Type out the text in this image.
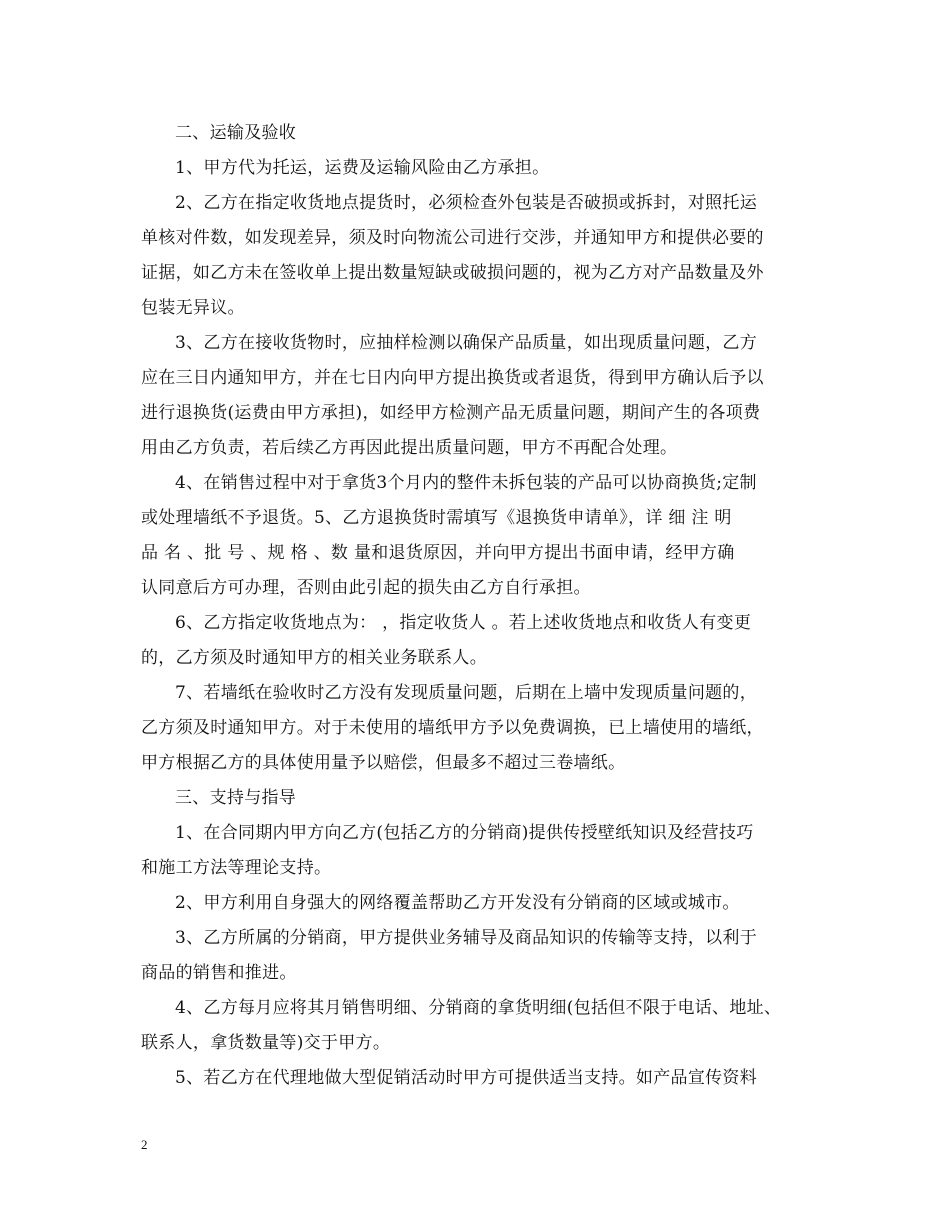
二、运输及验收
1、甲方代为托运，运费及运输风险由乙方承担。
2、乙方在指定收货地点提货时，必须检查外包装是否破损或拆封，对照托运
单核对件数，如发现差异，须及时向物流公司进行交涉，并通知甲方和提供必要的
证据，如乙方未在签收单上提出数量短缺或破损问题的，视为乙方对产品数量及外
包装无异议。
3、乙方在接收货物时，应抽样检测以确保产品质量，如出现质量问题，乙方
应在三日内通知甲方，并在七日内向甲方提出换货或者退货，得到甲方确认后予以
进行退换货(运费由甲方承担)，如经甲方检测产品无质量问题，期间产生的各项费
用由乙方负责，若后续乙方再因此提出质量问题，甲方不再配合处理。
4、在销售过程中对于拿货3个月内的整件未拆包装的产品可以协商换货;定制
或处理墙纸不予退货。5、乙方退换货时需填写《退换货申请单》，详 细 注 明
品 名 、批 号 、规 格 、数 量和退货原因，并向甲方提出书面申请，经甲方确
认同意后方可办理，否则由此引起的损失由乙方自行承担。
6、乙方指定收货地点为： ，指定收货人 。若上述收货地点和收货人有变更
的，乙方须及时通知甲方的相关业务联系人。
7、若墙纸在验收时乙方没有发现质量问题，后期在上墙中发现质量问题的，
乙方须及时通知甲方。对于未使用的墙纸甲方予以免费调换，已上墙使用的墙纸，
甲方根据乙方的具体使用量予以赔偿，但最多不超过三卷墙纸。
三、支持与指导
1、在合同期内甲方向乙方(包括乙方的分销商)提供传授壁纸知识及经营技巧
和施工方法等理论支持。
2、甲方利用自身强大的网络覆盖帮助乙方开发没有分销商的区域或城市。
3、乙方所属的分销商，甲方提供业务辅导及商品知识的传输等支持，以利于
商品的销售和推进。
4、乙方每月应将其月销售明细、分销商的拿货明细(包括但不限于电话、地址、
联系人，拿货数量等)交于甲方。
5、若乙方在代理地做大型促销活动时甲方可提供适当支持。如产品宣传资料
2
